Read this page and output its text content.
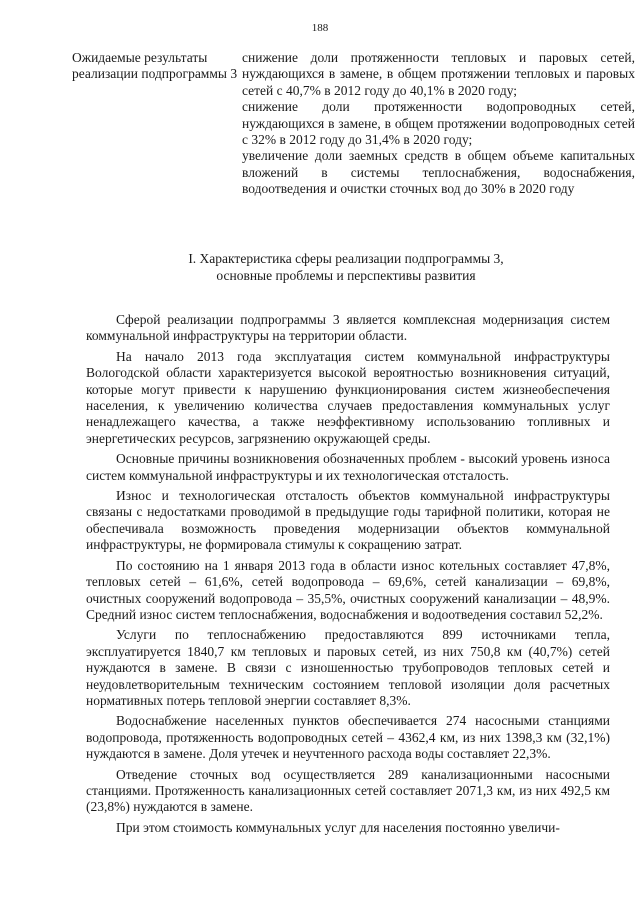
188
Ожидаемые результаты реализации подпрограммы 3

снижение доли протяженности тепловых и паровых сетей, нуждающихся в замене, в общем протяжении тепловых и паровых сетей с 40,7% в 2012 году до 40,1% в 2020 году;

снижение доли протяженности водопроводных сетей, нуждающихся в замене, в общем протяжении водопроводных сетей с 32% в 2012 году до 31,4% в 2020 году;

увеличение доли заемных средств в общем объеме капитальных вложений в системы теплоснабжения, водоснабжения, водоотведения и очистки сточных вод до 30% в 2020 году

I. Характеристика сферы реализации подпрограммы 3,

основные проблемы и перспективы развития

Сферой реализации подпрограммы 3 является комплексная модернизация систем коммунальной инфраструктуры на территории области.

На начало 2013 года эксплуатация систем коммунальной инфраструктуры Вологодской области характеризуется высокой вероятностью возникновения ситуаций, которые могут привести к нарушению функционирования систем жизнеобеспечения населения, к увеличению количества случаев предоставления коммунальных услуг ненадлежащего качества, а также неэффективному использованию топливных и энергетических ресурсов, загрязнению окружающей среды.

Основные причины возникновения обозначенных проблем - высокий уровень износа систем коммунальной инфраструктуры и их технологическая отсталость.

Износ и технологическая отсталость объектов коммунальной инфраструктуры связаны с недостатками проводимой в предыдущие годы тарифной политики, которая не обеспечивала возможность проведения модернизации объектов коммунальной инфраструктуры, не формировала стимулы к сокращению затрат.

По состоянию на 1 января 2013 года в области износ котельных составляет 47,8%, тепловых сетей – 61,6%, сетей водопровода – 69,6%, сетей канализации – 69,8%, очистных сооружений водопровода – 35,5%, очистных сооружений канализации – 48,9%. Средний износ систем теплоснабжения, водоснабжения и водоотведения составил 52,2%.

Услуги по теплоснабжению предоставляются 899 источниками тепла, эксплуатируется 1840,7 км тепловых и паровых сетей, из них 750,8 км (40,7%) сетей нуждаются в замене. В связи с изношенностью трубопроводов тепловых сетей и неудовлетворительным техническим состоянием тепловой изоляции доля расчетных нормативных потерь тепловой энергии составляет 8,3%.

Водоснабжение населенных пунктов обеспечивается 274 насосными станциями водопровода, протяженность водопроводных сетей – 4362,4 км, из них 1398,3 км (32,1%) нуждаются в замене. Доля утечек и неучтенного расхода воды составляет 22,3%.

Отведение сточных вод осуществляется 289 канализационными насосными станциями. Протяженность канализационных сетей составляет 2071,3 км, из них 492,5 км (23,8%) нуждаются в замене.

При этом стоимость коммунальных услуг для населения постоянно увеличи-
